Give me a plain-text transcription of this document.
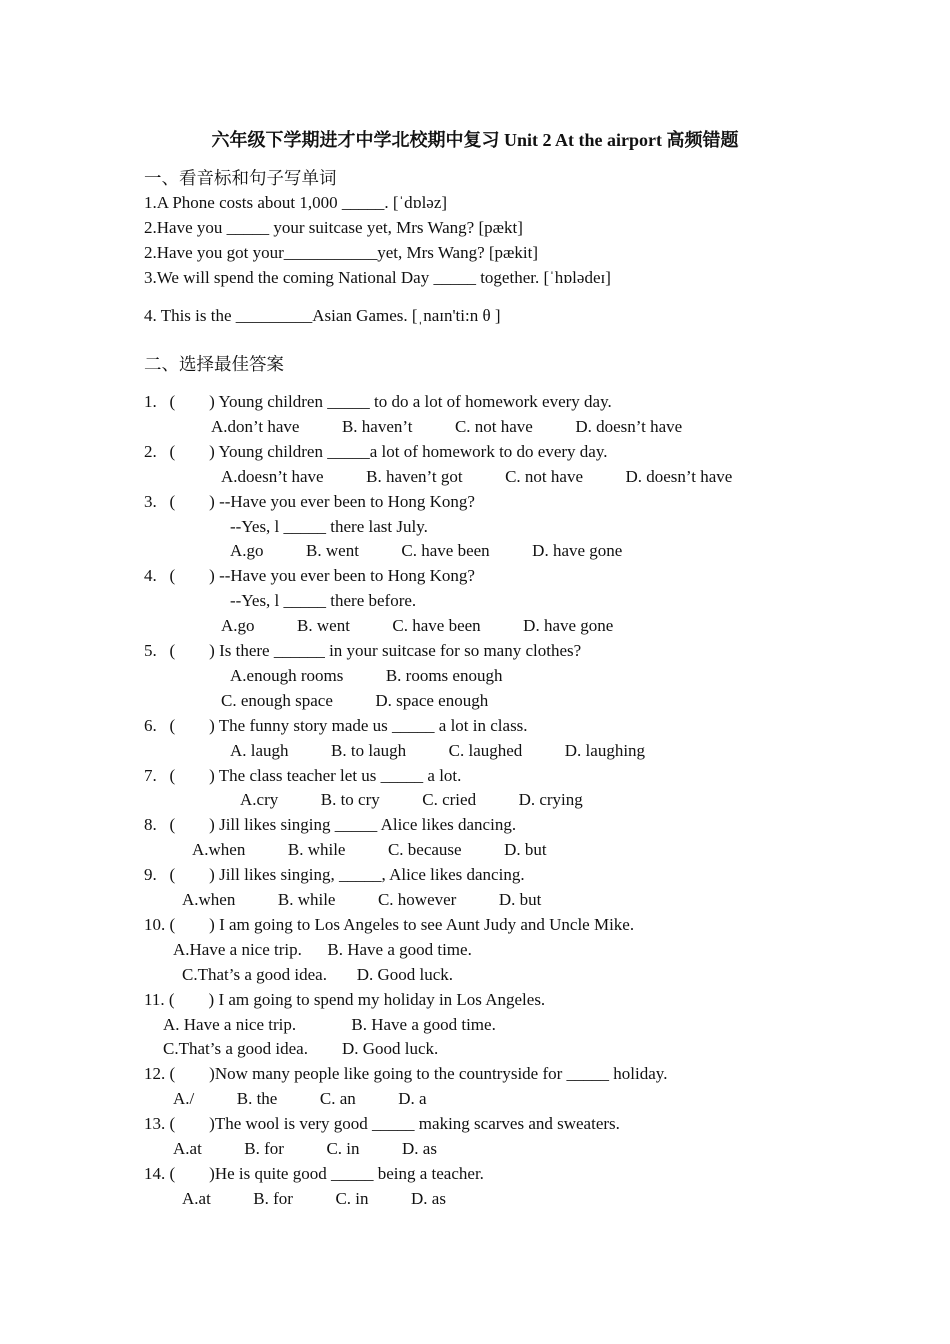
六年级下学期进才中学北校期中复习 Unit 2 At the airport 高频错题
一、看音标和句子写单词
1.A Phone costs about 1,000 _____. [ˈdɒləz]
2.Have you _____ your suitcase yet, Mrs Wang? [pækt]
2.Have you got your___________yet, Mrs Wang? [pækit]
3.We will spend the coming National Day _____ together. [ˈhɒlədeɪ]
4. This is the _________Asian Games. [ˌnaɪn'ti:n θ ]
二、选择最佳答案
1.   (        ) Young children _____ to do a lot of homework every day.
A.don’t have          B. haven’t          C. not have          D. doesn’t have
2.   (        ) Young children _____a lot of homework to do every day.
A.doesn’t have          B. haven’t got          C. not have          D. doesn’t have
3.   (        ) --Have you ever been to Hong Kong?
--Yes, l _____ there last July.
A.go          B. went          C. have been          D. have gone
4.   (        ) --Have you ever been to Hong Kong?
--Yes, l _____ there before.
A.go          B. went          C. have been          D. have gone
5.   (        ) Is there ______ in your suitcase for so many clothes?
A.enough rooms          B. rooms enough
C. enough space          D. space enough
6.   (        ) The funny story made us _____ a lot in class.
A. laugh          B. to laugh          C. laughed          D. laughing
7.   (        ) The class teacher let us _____ a lot.
A.cry          B. to cry          C. cried          D. crying
8.   (        ) Jill likes singing _____ Alice likes dancing.
A.when          B. while          C. because          D. but
9.   (        ) Jill likes singing, _____, Alice likes dancing.
A.when          B. while          C. however          D. but
10. (        ) I am going to Los Angeles to see Aunt Judy and Uncle Mike.
A.Have a nice trip.      B. Have a good time.
C.That’s a good idea.       D. Good luck.
11. (        ) I am going to spend my holiday in Los Angeles.
A. Have a nice trip.             B. Have a good time.
C.That’s a good idea.        D. Good luck.
12. (        )Now many people like going to the countryside for _____ holiday.
A./          B. the          C. an          D. a
13. (        )The wool is very good _____ making scarves and sweaters.
A.at          B. for          C. in          D. as
14. (        )He is quite good _____ being a teacher.
A.at          B. for          C. in          D. as
